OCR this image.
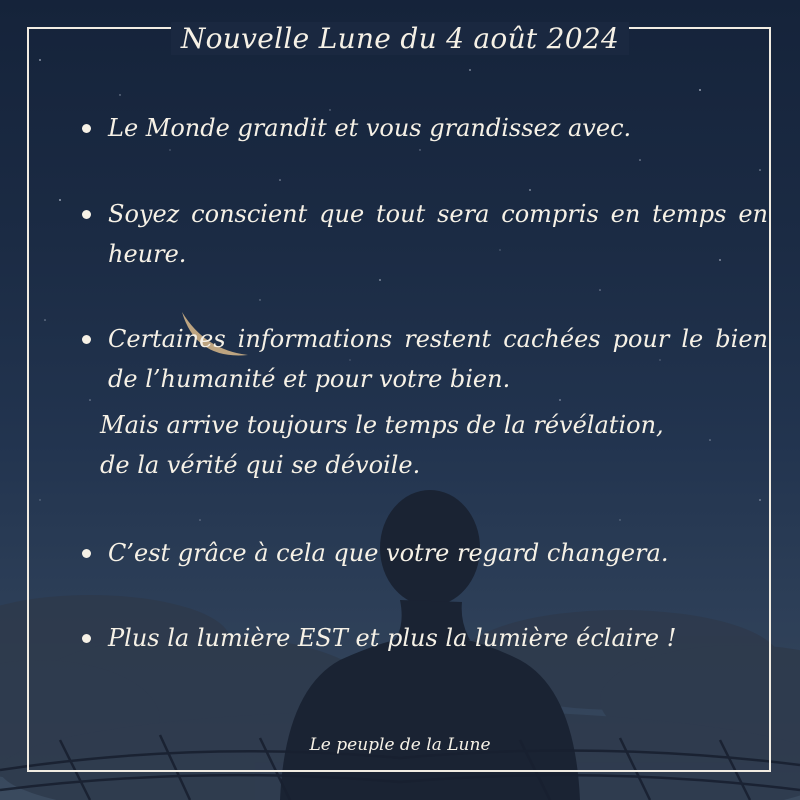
Nouvelle Lune du 4 août 2024

Le Monde grandit et vous grandissez avec.

Soyez conscient que tout sera compris en temps en heure.

Certaines informations restent cachées pour le bien de l’humanité et pour votre bien.

Mais arrive toujours le temps de la révélation,

de la vérité qui se dévoile.

C’est grâce à cela que votre regard changera.

Plus la lumière EST et plus la lumière éclaire !

Le peuple de la Lune
